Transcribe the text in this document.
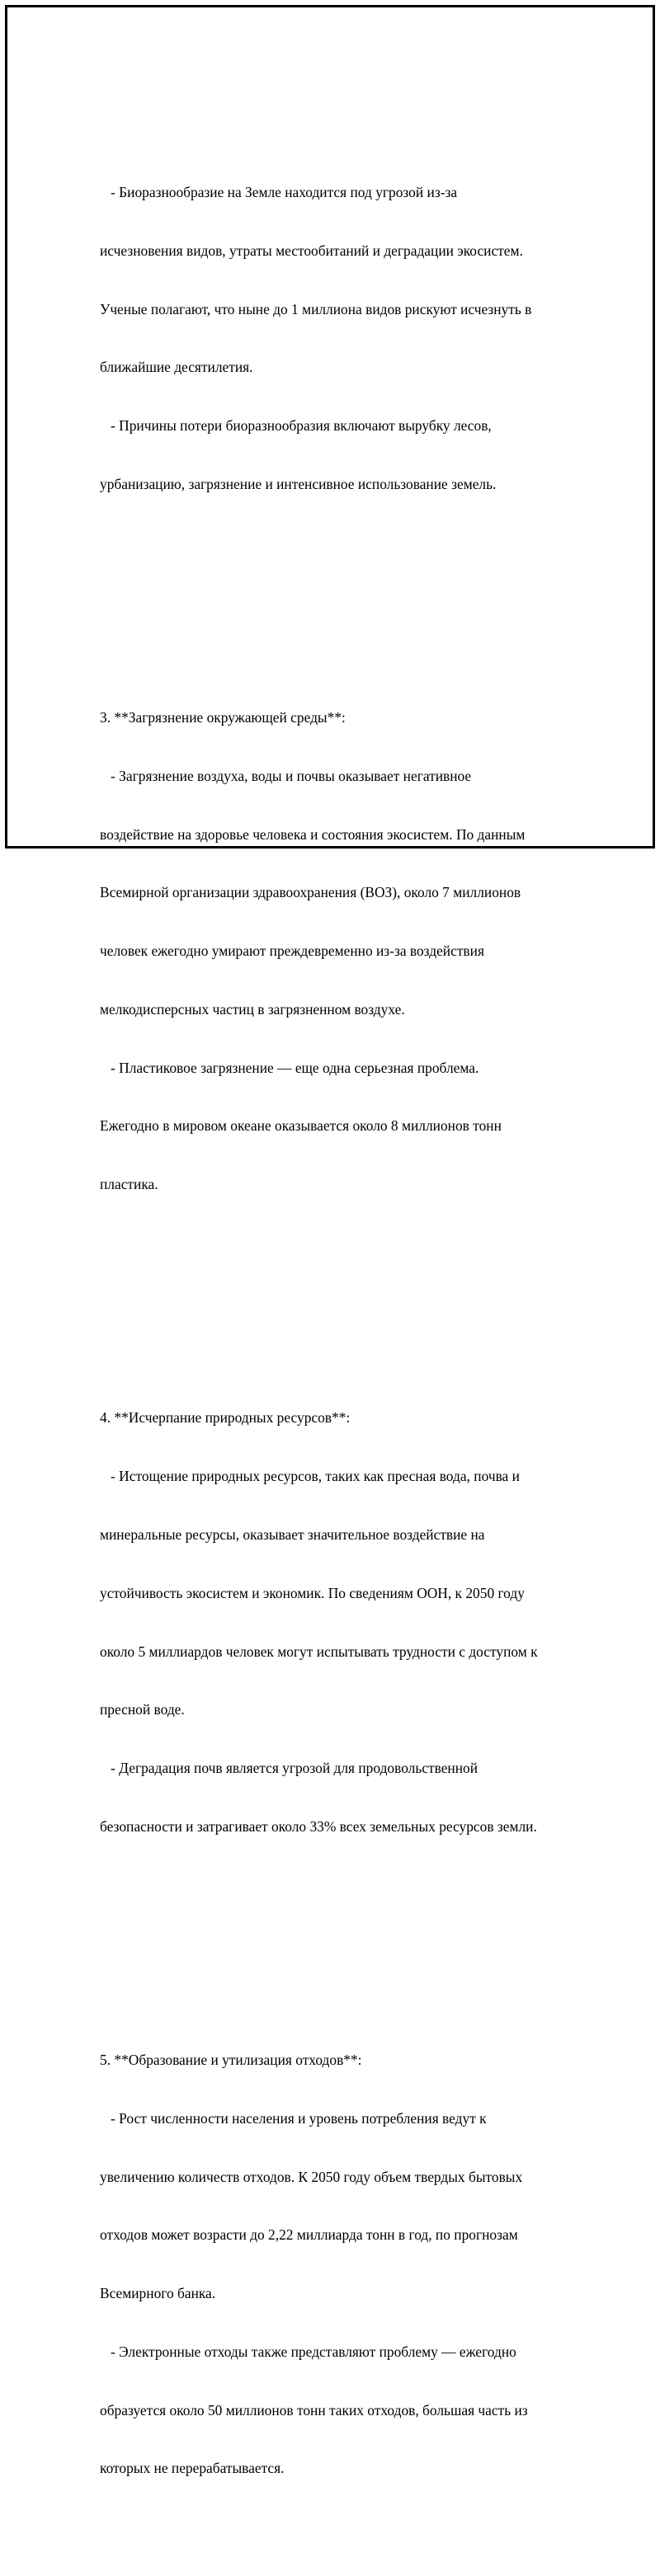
- Биоразнообразие на Земле находится под угрозой из-за

исчезновения видов, утраты местообитаний и деградации экосистем.

Ученые полагают, что ныне до 1 миллиона видов рискуют исчезнуть в

ближайшие десятилетия.

- Причины потери биоразнообразия включают вырубку лесов,

урбанизацию, загрязнение и интенсивное использование земель.

3. **Загрязнение окружающей среды**:

- Загрязнение воздуха, воды и почвы оказывает негативное

воздействие на здоровье человека и состояния экосистем. По данным

Всемирной организации здравоохранения (ВОЗ), около 7 миллионов

человек ежегодно умирают преждевременно из-за воздействия

мелкодисперсных частиц в загрязненном воздухе.

- Пластиковое загрязнение — еще одна серьезная проблема.

Ежегодно в мировом океане оказывается около 8 миллионов тонн

пластика.

4. **Исчерпание природных ресурсов**:

- Истощение природных ресурсов, таких как пресная вода, почва и

минеральные ресурсы, оказывает значительное воздействие на

устойчивость экосистем и экономик. По сведениям ООН, к 2050 году

около 5 миллиардов человек могут испытывать трудности с доступом к

пресной воде.

- Деградация почв является угрозой для продовольственной

безопасности и затрагивает около 33% всех земельных ресурсов земли.

5. **Образование и утилизация отходов**:

- Рост численности населения и уровень потребления ведут к

увеличению количеств отходов. К 2050 году объем твердых бытовых

отходов может возрасти до 2,22 миллиарда тонн в год, по прогнозам

Всемирного банка.

- Электронные отходы также представляют проблему — ежегодно

образуется около 50 миллионов тонн таких отходов, большая часть из

которых не перерабатывается.
